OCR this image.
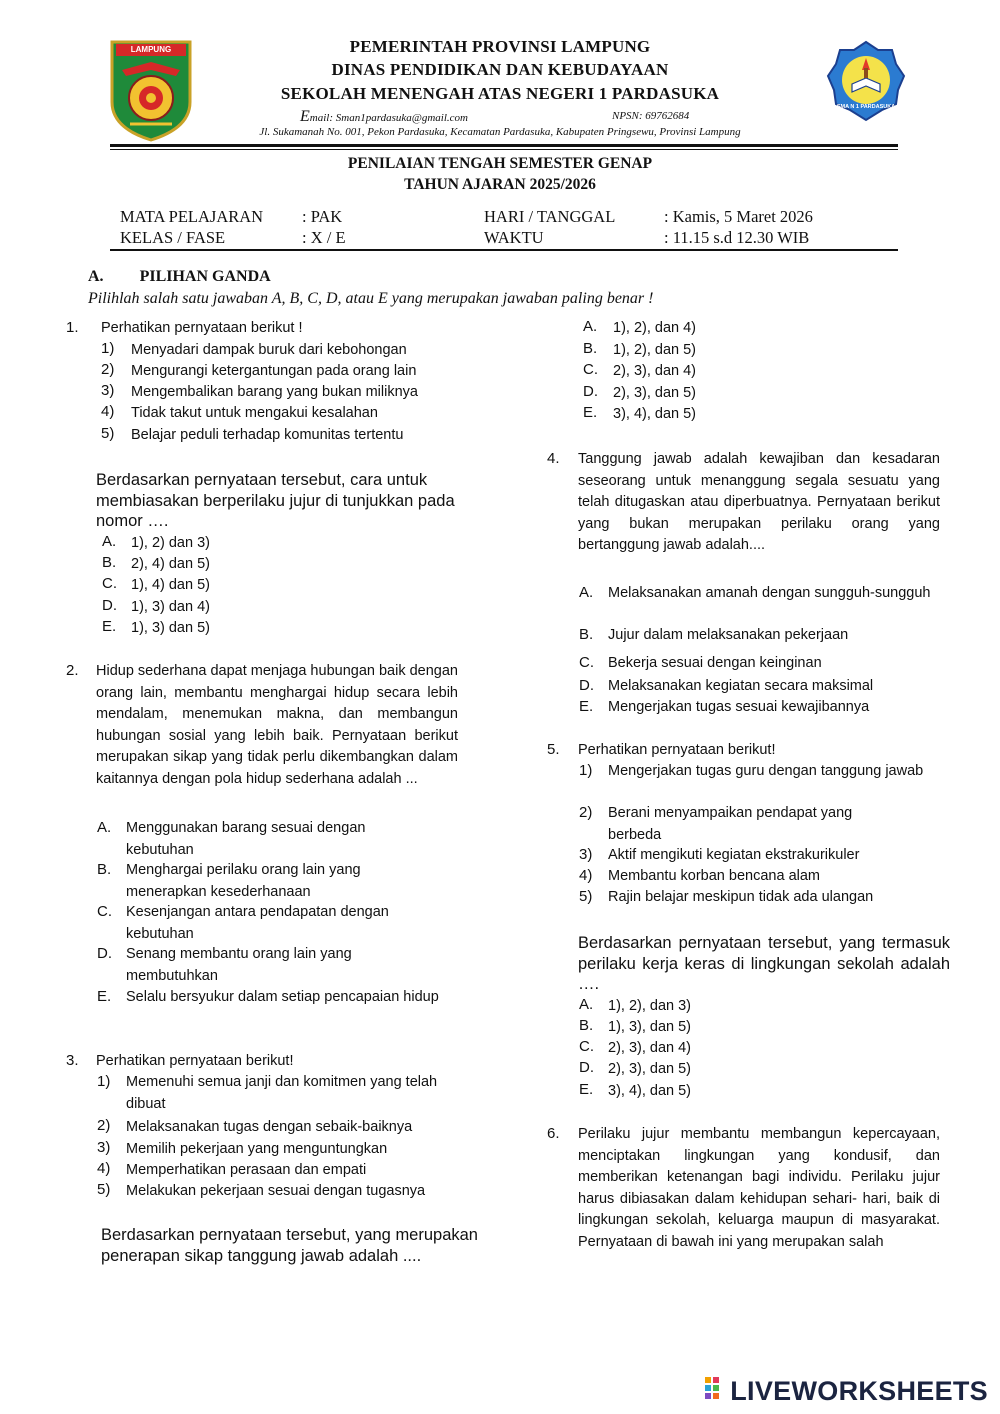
LAMPUNG
SMA N 1 PARDASUKA
PEMERINTAH PROVINSI LAMPUNG
DINAS PENDIDIKAN DAN KEBUDAYAAN
SEKOLAH MENENGAH ATAS NEGERI 1 PARDASUKA
Email: Sman1pardasuka@gmail.com	NPSN: 69762684
Jl. Sukamanah No. 001, Pekon Pardasuka, Kecamatan Pardasuka, Kabupaten Pringsewu, Provinsi Lampung
PENILAIAN TENGAH SEMESTER GENAP
TAHUN AJARAN 2025/2026
MATA PELAJARAN : PAK	HARI / TANGGAL	: Kamis, 5 Maret 2026
KELAS / FASE	: X / E	WAKTU	: 11.15 s.d 12.30 WIB
A. PILIHAN GANDA
Pilihlah salah satu jawaban A, B, C, D, atau E yang merupakan jawaban paling benar !
1. Perhatikan pernyataan berikut !
1) Menyadari dampak buruk dari kebohongan
2) Mengurangi ketergantungan pada orang lain
3) Mengembalikan barang yang bukan miliknya
4) Tidak takut untuk mengakui kesalahan
5) Belajar peduli terhadap komunitas tertentu
Berdasarkan pernyataan tersebut, cara untuk membiasakan berperilaku jujur di tunjukkan pada nomor ….
A. 1), 2) dan 3)
B. 2), 4) dan 5)
C. 1), 4) dan 5)
D. 1), 3) dan 4)
E. 1), 3) dan 5)
2. Hidup sederhana dapat menjaga hubungan baik dengan orang lain, membantu menghargai hidup secara lebih mendalam, menemukan makna, dan membangun hubungan sosial yang lebih baik. Pernyataan berikut merupakan sikap yang tidak perlu dikembangkan dalam kaitannya dengan pola hidup sederhana adalah ...
A. Menggunakan barang sesuai dengan kebutuhan
B. Menghargai perilaku orang lain yang menerapkan kesederhanaan
C. Kesenjangan antara pendapatan dengan kebutuhan
D. Senang membantu orang lain yang membutuhkan
E. Selalu bersyukur dalam setiap pencapaian hidup
3. Perhatikan pernyataan berikut!
1) Memenuhi semua janji dan komitmen yang telah dibuat
2) Melaksanakan tugas dengan sebaik-baiknya
3) Memilih pekerjaan yang menguntungkan
4) Memperhatikan perasaan dan empati
5) Melakukan pekerjaan sesuai dengan tugasnya
Berdasarkan pernyataan tersebut, yang merupakan penerapan sikap tanggung jawab adalah ....
A. 1), 2), dan 4)
B. 1), 2), dan 5)
C. 2), 3), dan 4)
D. 2), 3), dan 5)
E. 3), 4), dan 5)
4. Tanggung jawab adalah kewajiban dan kesadaran seseorang untuk menanggung segala sesuatu yang telah ditugaskan atau diperbuatnya. Pernyataan berikut yang bukan merupakan perilaku orang yang bertanggung jawab adalah....
A. Melaksanakan amanah dengan sungguh-sungguh
B. Jujur dalam melaksanakan pekerjaan
C. Bekerja sesuai dengan keinginan
D. Melaksanakan kegiatan secara maksimal
E. Mengerjakan tugas sesuai kewajibannya
5. Perhatikan pernyataan berikut!
1) Mengerjakan tugas guru dengan tanggung jawab
2) Berani menyampaikan pendapat yang berbeda
3) Aktif mengikuti kegiatan ekstrakurikuler
4) Membantu korban bencana alam
5) Rajin belajar meskipun tidak ada ulangan
Berdasarkan pernyataan tersebut, yang termasuk perilaku kerja keras di lingkungan sekolah adalah ….
A. 1), 2), dan 3)
B. 1), 3), dan 5)
C. 2), 3), dan 4)
D. 2), 3), dan 5)
E. 3), 4), dan 5)
6. Perilaku jujur membantu membangun kepercayaan, menciptakan lingkungan yang kondusif, dan memberikan ketenangan bagi individu. Perilaku jujur harus dibiasakan dalam kehidupan sehari- hari, baik di lingkungan sekolah, keluarga maupun di masyarakat. Pernyataan di bawah ini yang merupakan salah
LIVEWORKSHEETS
